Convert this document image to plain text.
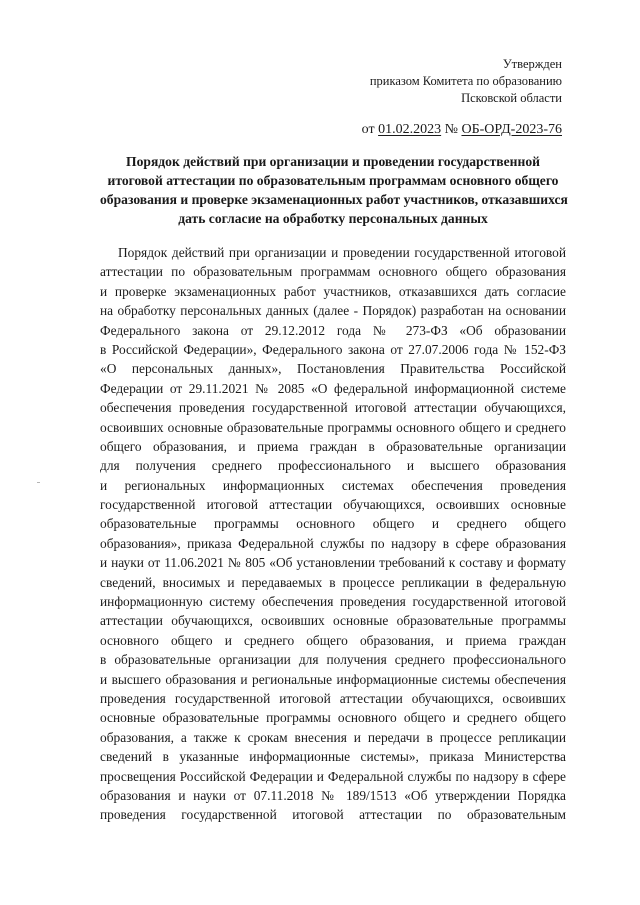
Утвержден
приказом Комитета по образованию
Псковской области
от 01.02.2023 № ОБ-ОРД-2023-76
Порядок действий при организации и проведении государственной
итоговой аттестации по образовательным программам основного общего
образования и проверке экзаменационных работ участников, отказавшихся
дать согласие на обработку персональных данных
Порядок действий при организации и проведении государственной итоговой
аттестации по образовательным программам основного общего образования
и проверке экзаменационных работ участников, отказавшихся дать согласие
на обработку персональных данных (далее - Порядок) разработан на основании
Федерального закона от 29.12.2012 года № 273-ФЗ «Об образовании
в Российской Федерации», Федерального закона от 27.07.2006 года № 152-ФЗ
«О персональных данных», Постановления Правительства Российской
Федерации от 29.11.2021 № 2085 «О федеральной информационной системе
обеспечения проведения государственной итоговой аттестации обучающихся,
освоивших основные образовательные программы основного общего и среднего
общего образования, и приема граждан в образовательные организации
для получения среднего профессионального и высшего образования
и региональных информационных системах обеспечения проведения
государственной итоговой аттестации обучающихся, освоивших основные
образовательные программы основного общего и среднего общего
образования», приказа Федеральной службы по надзору в сфере образования
и науки от 11.06.2021 № 805 «Об установлении требований к составу и формату
сведений, вносимых и передаваемых в процессе репликации в федеральную
информационную систему обеспечения проведения государственной итоговой
аттестации обучающихся, освоивших основные образовательные программы
основного общего и среднего общего образования, и приема граждан
в образовательные организации для получения среднего профессионального
и высшего образования и региональные информационные системы обеспечения
проведения государственной итоговой аттестации обучающихся, освоивших
основные образовательные программы основного общего и среднего общего
образования, а также к срокам внесения и передачи в процессе репликации
сведений в указанные информационные системы», приказа Министерства
просвещения Российской Федерации и Федеральной службы по надзору в сфере
образования и науки от 07.11.2018 № 189/1513 «Об утверждении Порядка
проведения государственной итоговой аттестации по образовательным
